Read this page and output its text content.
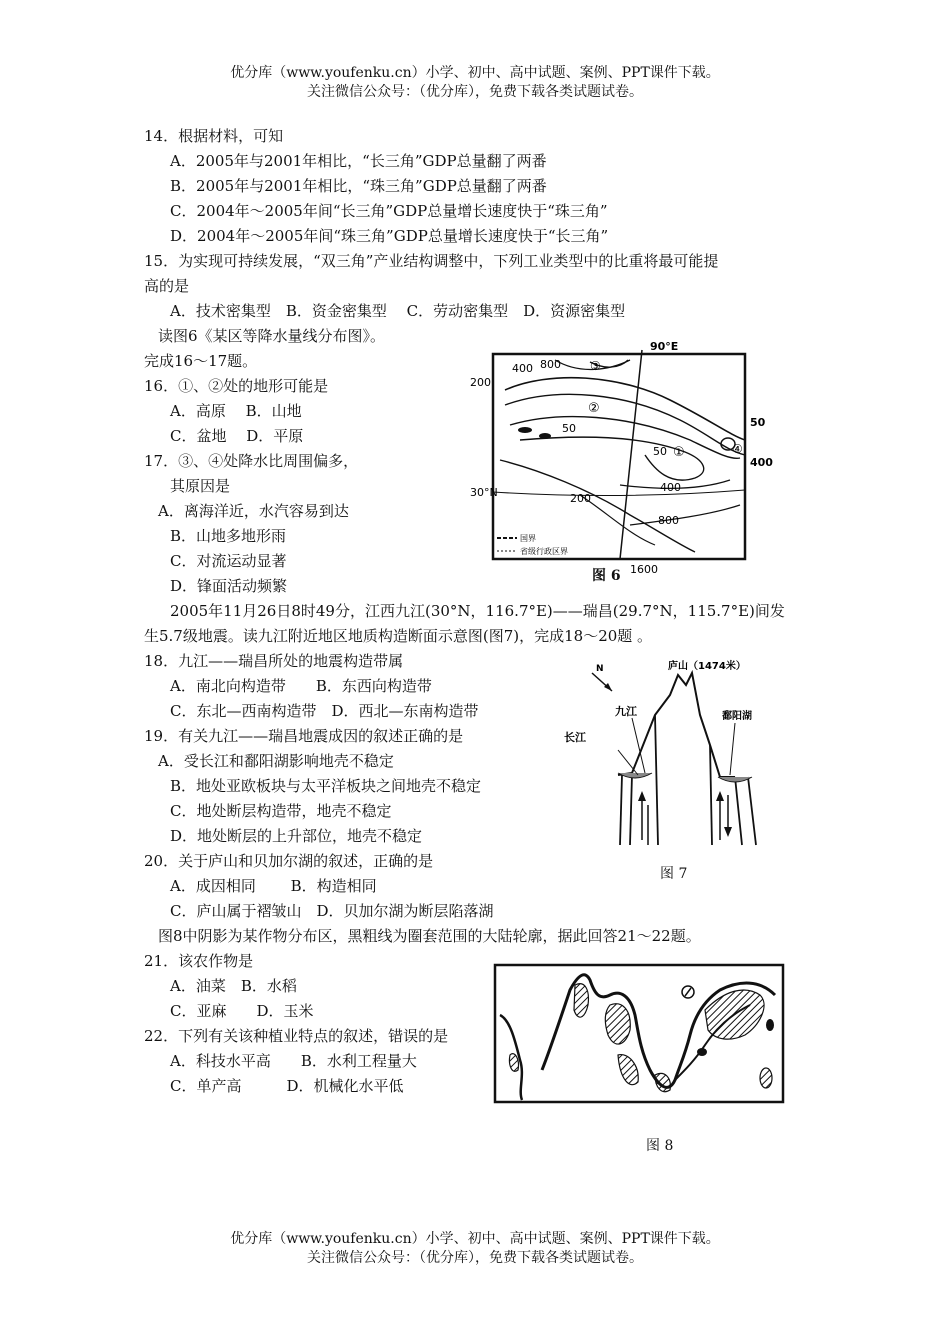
优分库（www.youfenku.cn）小学、初中、高中试题、案例、PPT课件下载。
关注微信公众号：（优分库），免费下载各类试题试卷。
14．根据材料，可知
A．2005年与2001年相比，“长三角”GDP总量翻了两番
B．2005年与2001年相比，“珠三角”GDP总量翻了两番
C．2004年～2005年间“长三角”GDP总量增长速度快于“珠三角”
D．2004年～2005年间“珠三角”GDP总量增长速度快于“长三角”
15．为实现可持续发展，“双三角”产业结构调整中，下列工业类型中的比重将最可能提
高的是
A．技术密集型　B．资金密集型　 C．劳动密集型　D．资源密集型
读图6《某区等降水量线分布图》。
完成16～17题。
16．①、②处的地形可能是
A．高原　 B．山地
C．盆地　 D．平原
17．③、④处降水比周围偏多，
其原因是
A．离海洋近，水汽容易到达
B．山地多地形雨
C．对流运动显著
D．锋面活动频繁
国界
省级行政区界
90°E
30°N
400 800
200
50
50
400
200
400
800
1600
50
①
②
③
④
图 6
2005年11月26日8时49分，江西九江(30°N，116.7°E)——瑞昌(29.7°N，115.7°E)间发
生5.7级地震。读九江附近地区地质构造断面示意图(图7)，完成18～20题 。
18．九江——瑞昌所处的地震构造带属
A．南北向构造带　　B．东西向构造带
C．东北—西南构造带　D．西北—东南构造带
19．有关九江——瑞昌地震成因的叙述正确的是
A．受长江和鄱阳湖影响地壳不稳定
B．地处亚欧板块与太平洋板块之间地壳不稳定
C．地处断层构造带，地壳不稳定
D．地处断层的上升部位，地壳不稳定
N	庐山（1474米）
九江
长江
鄱阳湖
图 7
20．关于庐山和贝加尔湖的叙述，正确的是
A．成因相同　　 B．构造相同
C．庐山属于褶皱山　D．贝加尔湖为断层陷落湖
图8中阴影为某作物分布区，黑粗线为圈套范围的大陆轮廓，据此回答21～22题。
21．该农作物是
A．油菜　B．水稻
C．亚麻　　D．玉米
22．下列有关该种植业特点的叙述，错误的是
A．科技水平高　　B．水利工程量大
C．单产高　　　D．机械化水平低
图 8
优分库（www.youfenku.cn）小学、初中、高中试题、案例、PPT课件下载。
关注微信公众号：（优分库），免费下载各类试题试卷。
